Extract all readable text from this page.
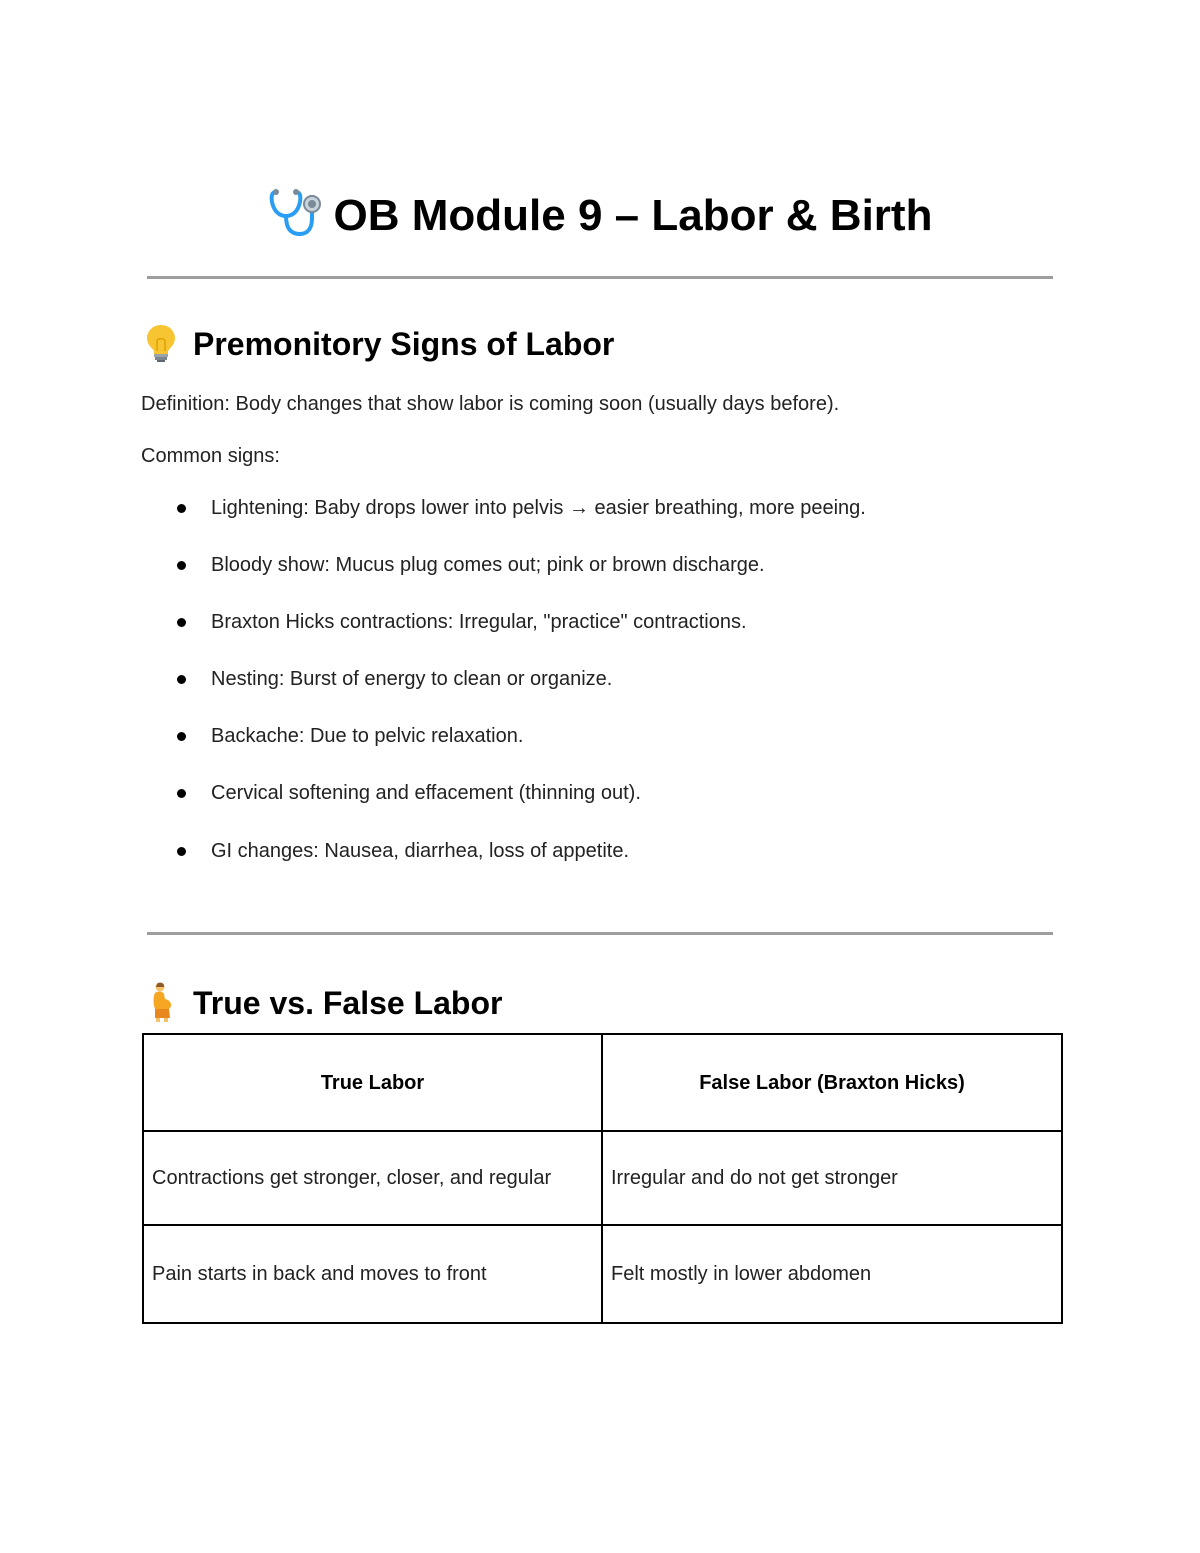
OB Module 9 – Labor & Birth
Premonitory Signs of Labor
Definition: Body changes that show labor is coming soon (usually days before).
Common signs:
Lightening: Baby drops lower into pelvis → easier breathing, more peeing.
Bloody show: Mucus plug comes out; pink or brown discharge.
Braxton Hicks contractions: Irregular, "practice" contractions.
Nesting: Burst of energy to clean or organize.
Backache: Due to pelvic relaxation.
Cervical softening and effacement (thinning out).
GI changes: Nausea, diarrhea, loss of appetite.
True vs. False Labor
True Labor	False Labor (Braxton Hicks)
Contractions get stronger, closer, and regular	Irregular and do not get stronger
Pain starts in back and moves to front	Felt mostly in lower abdomen
